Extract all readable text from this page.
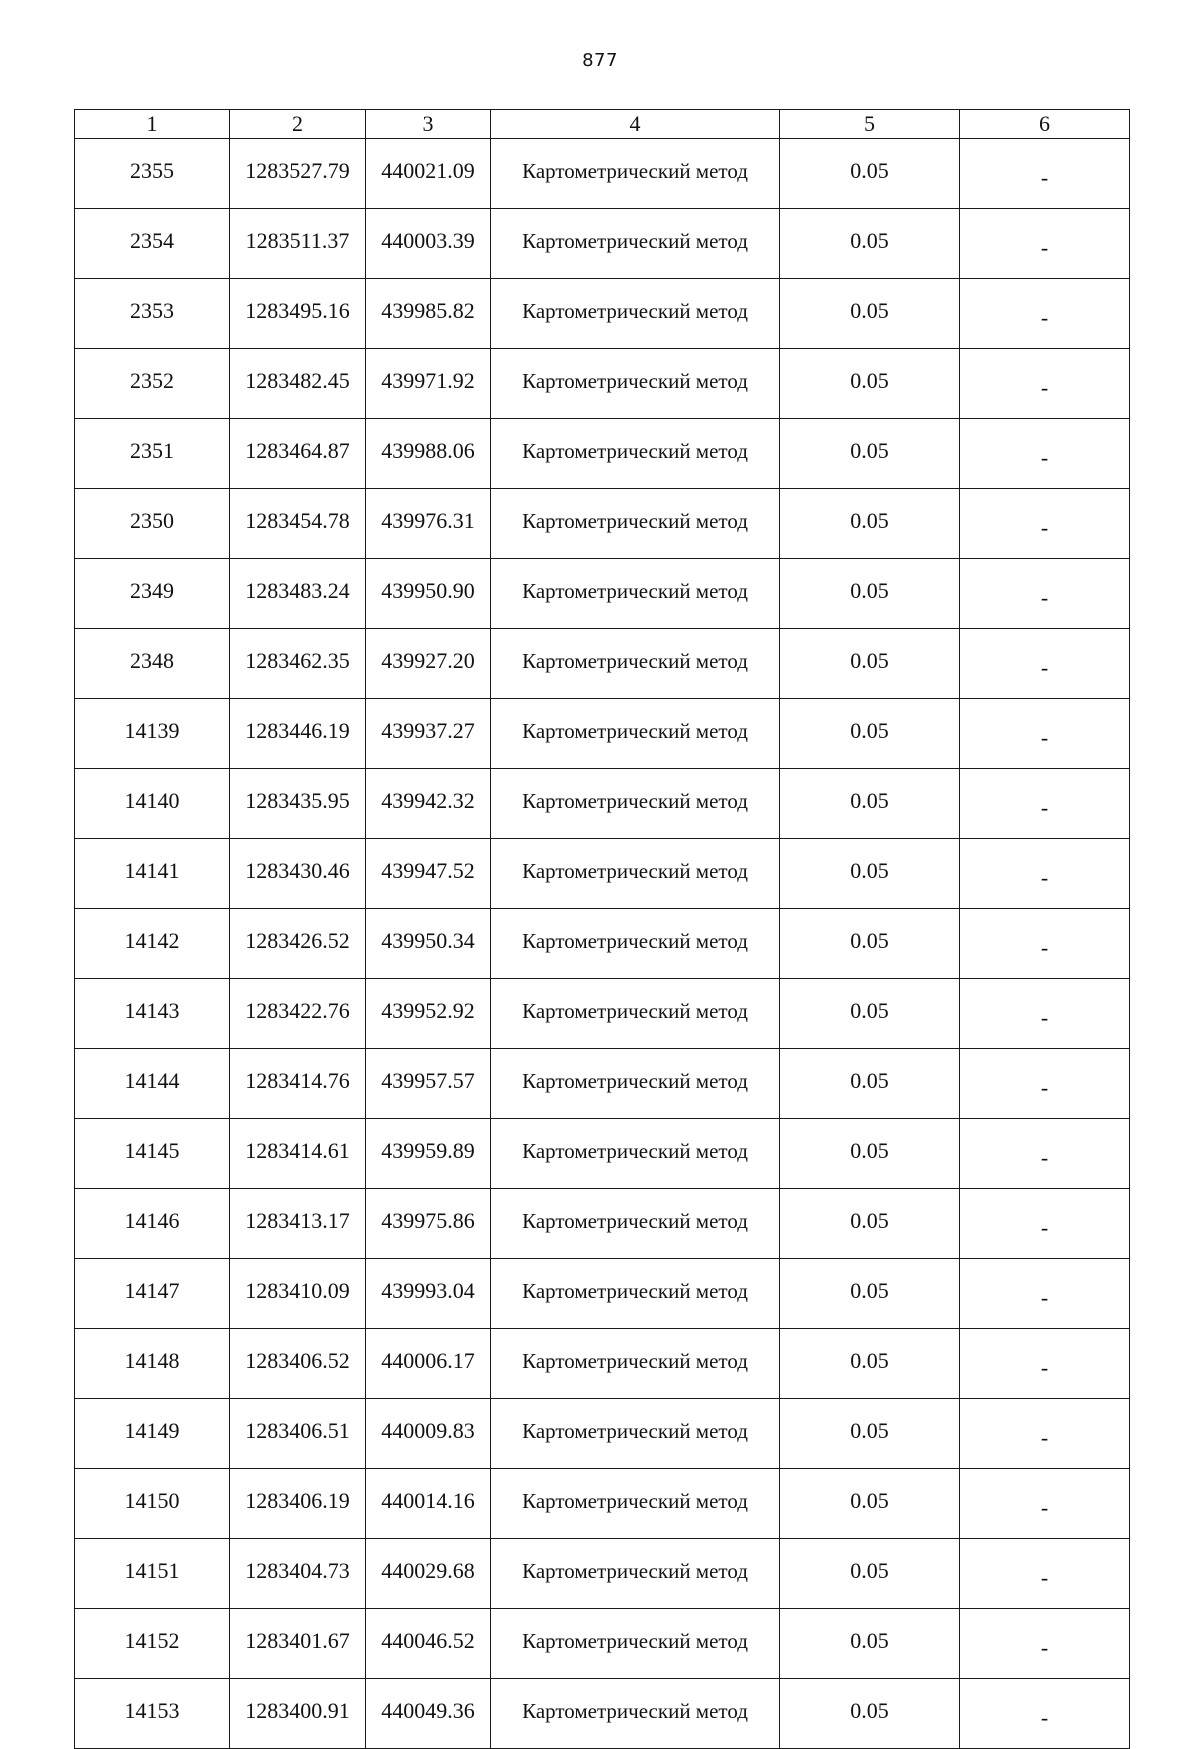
877
1	2	3	4	5	6
2355	1283527.79	440021.09	Картометрический метод	0.05	-
2354	1283511.37	440003.39	Картометрический метод	0.05	-
2353	1283495.16	439985.82	Картометрический метод	0.05	-
2352	1283482.45	439971.92	Картометрический метод	0.05	-
2351	1283464.87	439988.06	Картометрический метод	0.05	-
2350	1283454.78	439976.31	Картометрический метод	0.05	-
2349	1283483.24	439950.90	Картометрический метод	0.05	-
2348	1283462.35	439927.20	Картометрический метод	0.05	-
14139	1283446.19	439937.27	Картометрический метод	0.05	-
14140	1283435.95	439942.32	Картометрический метод	0.05	-
14141	1283430.46	439947.52	Картометрический метод	0.05	-
14142	1283426.52	439950.34	Картометрический метод	0.05	-
14143	1283422.76	439952.92	Картометрический метод	0.05	-
14144	1283414.76	439957.57	Картометрический метод	0.05	-
14145	1283414.61	439959.89	Картометрический метод	0.05	-
14146	1283413.17	439975.86	Картометрический метод	0.05	-
14147	1283410.09	439993.04	Картометрический метод	0.05	-
14148	1283406.52	440006.17	Картометрический метод	0.05	-
14149	1283406.51	440009.83	Картометрический метод	0.05	-
14150	1283406.19	440014.16	Картометрический метод	0.05	-
14151	1283404.73	440029.68	Картометрический метод	0.05	-
14152	1283401.67	440046.52	Картометрический метод	0.05	-
14153	1283400.91	440049.36	Картометрический метод	0.05	-
